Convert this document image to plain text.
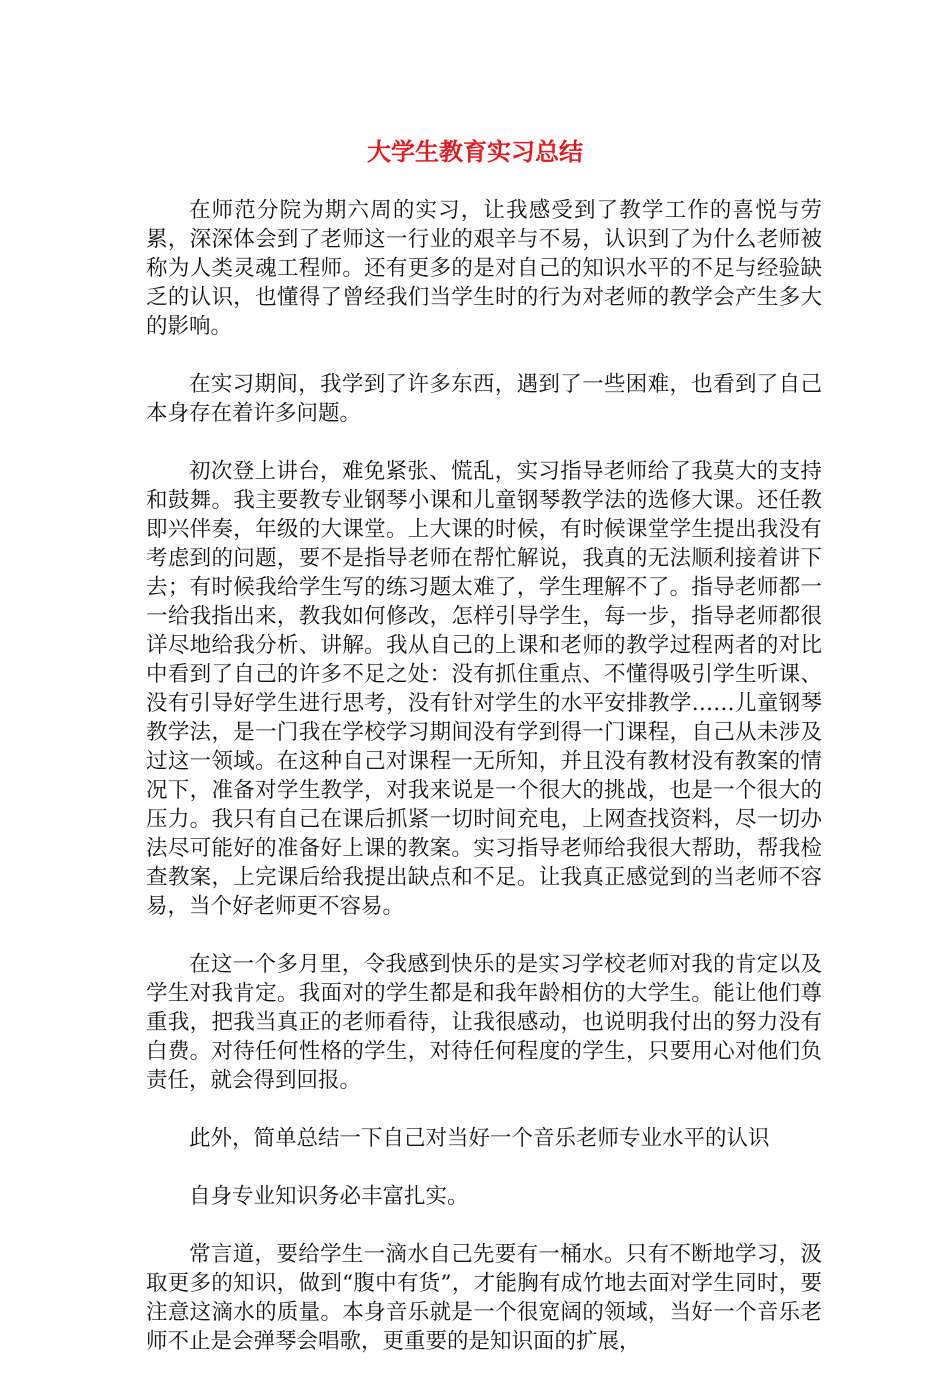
大学生教育实习总结

在师范分院为期六周的实习，让我感受到了教学工作的喜悦与劳累，深深体会到了老师这一行业的艰辛与不易，认识到了为什么老师被称为人类灵魂工程师。还有更多的是对自己的知识水平的不足与经验缺乏的认识，也懂得了曾经我们当学生时的行为对老师的教学会产生多大的影响。

在实习期间，我学到了许多东西，遇到了一些困难，也看到了自己本身存在着许多问题。

初次登上讲台，难免紧张、慌乱，实习指导老师给了我莫大的支持和鼓舞。我主要教专业钢琴小课和儿童钢琴教学法的选修大课。还任教即兴伴奏，年级的大课堂。上大课的时候，有时候课堂学生提出我没有考虑到的问题，要不是指导老师在帮忙解说，我真的无法顺利接着讲下去；有时候我给学生写的练习题太难了，学生理解不了。指导老师都一一给我指出来，教我如何修改，怎样引导学生，每一步，指导老师都很详尽地给我分析、讲解。我从自己的上课和老师的教学过程两者的对比中看到了自己的许多不足之处：没有抓住重点、不懂得吸引学生听课、没有引导好学生进行思考，没有针对学生的水平安排教学……儿童钢琴教学法，是一门我在学校学习期间没有学到得一门课程，自己从未涉及过这一领域。在这种自己对课程一无所知，并且没有教材没有教案的情况下，准备对学生教学，对我来说是一个很大的挑战，也是一个很大的压力。我只有自己在课后抓紧一切时间充电，上网查找资料，尽一切办法尽可能好的准备好上课的教案。实习指导老师给我很大帮助，帮我检查教案，上完课后给我提出缺点和不足。让我真正感觉到的当老师不容易，当个好老师更不容易。

在这一个多月里，令我感到快乐的是实习学校老师对我的肯定以及学生对我肯定。我面对的学生都是和我年龄相仿的大学生。能让他们尊重我，把我当真正的老师看待，让我很感动，也说明我付出的努力没有白费。对待任何性格的学生，对待任何程度的学生，只要用心对他们负责任，就会得到回报。

此外，简单总结一下自己对当好一个音乐老师专业水平的认识

自身专业知识务必丰富扎实。

常言道，要给学生一滴水自己先要有一桶水。只有不断地学习，汲取更多的知识，做到“腹中有货”，才能胸有成竹地去面对学生同时，要注意这滴水的质量。本身音乐就是一个很宽阔的领域，当好一个音乐老师不止是会弹琴会唱歌，更重要的是知识面的扩展，
